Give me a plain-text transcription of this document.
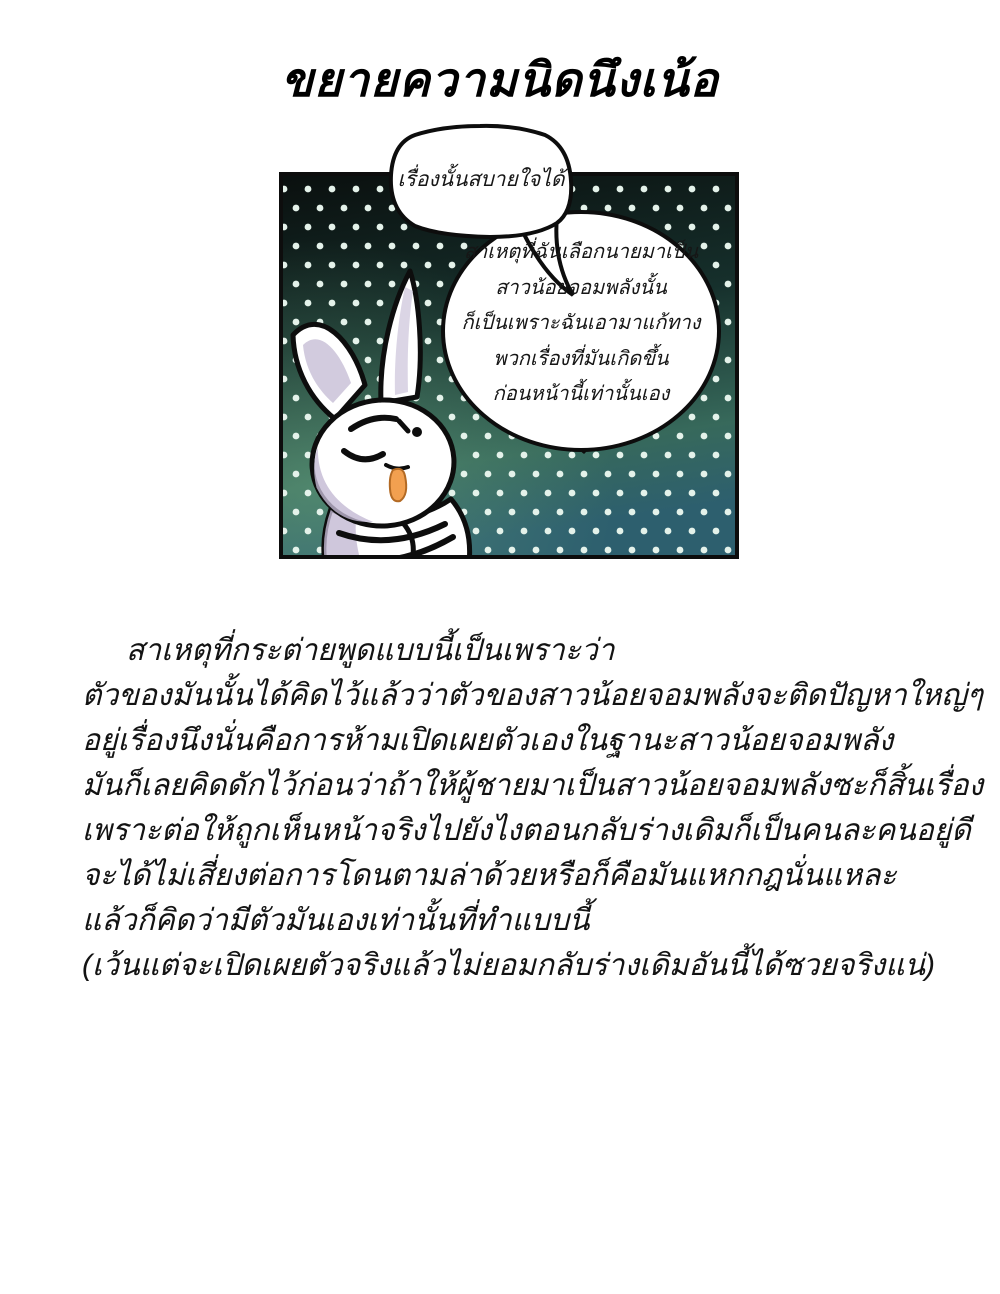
ขยายความนิดนึงเน้อ
เรื่องนั้นสบายใจได้
สาเหตุที่ฉันเลือกนายมาเป็น
สาวน้อยจอมพลังนั้น
ก็เป็นเพราะฉันเอามาแก้ทาง
พวกเรื่องที่มันเกิดขึ้น
ก่อนหน้านี้เท่านั้นเอง
สาเหตุที่กระต่ายพูดแบบนี้เป็นเพราะว่า
ตัวของมันนั้นได้คิดไว้แล้วว่าตัวของสาวน้อยจอมพลังจะติดปัญหาใหญ่ๆ
อยู่เรื่องนึงนั่นคือการห้ามเปิดเผยตัวเองในฐานะสาวน้อยจอมพลัง
มันก็เลยคิดดักไว้ก่อนว่าถ้าให้ผู้ชายมาเป็นสาวน้อยจอมพลังซะก็สิ้นเรื่อง
เพราะต่อให้ถูกเห็นหน้าจริงไปยังไงตอนกลับร่างเดิมก็เป็นคนละคนอยู่ดี
จะได้ไม่เสี่ยงต่อการโดนตามล่าด้วยหรือก็คือมันแหกกฎนั่นแหละ
แล้วก็คิดว่ามีตัวมันเองเท่านั้นที่ทำแบบนี้
(เว้นแต่จะเปิดเผยตัวจริงแล้วไม่ยอมกลับร่างเดิมอันนี้ได้ซวยจริงแน่)
